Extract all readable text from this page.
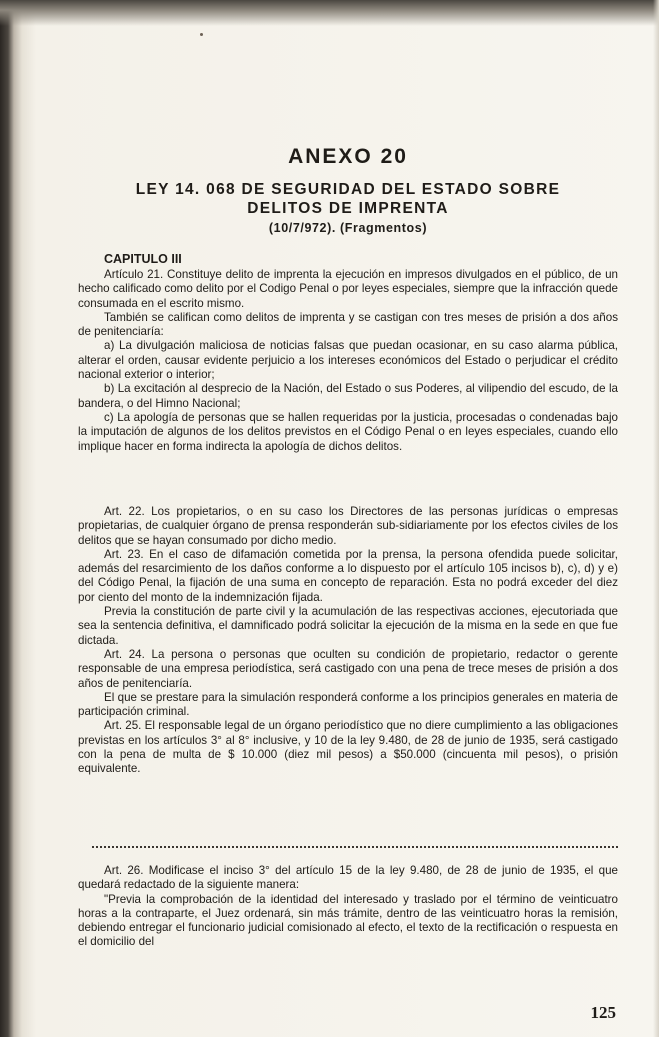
ANEXO 20
LEY 14. 068 DE SEGURIDAD DEL ESTADO SOBRE
DELITOS DE IMPRENTA
(10/7/972). (Fragmentos)
CAPITULO III

Artículo 21. Constituye delito de imprenta la ejecución en impresos divulgados en el público, de un hecho calificado como delito por el Codigo Penal o por leyes especiales, siempre que la infracción quede consumada en el escrito mismo.

También se califican como delitos de imprenta y se castigan con tres meses de prisión a dos años de penitenciaría:

a) La divulgación maliciosa de noticias falsas que puedan ocasionar, en su caso alarma pública, alterar el orden, causar evidente perjuicio a los intereses económicos del Estado o perjudicar el crédito nacional exterior o interior;

b) La excitación al desprecio de la Nación, del Estado o sus Poderes, al vilipendio del escudo, de la bandera, o del Himno Nacional;

c) La apología de personas que se hallen requeridas por la justicia, procesadas o condenadas bajo la imputación de algunos de los delitos previstos en el Código Penal o en leyes especiales, cuando ello implique hacer en forma indirecta la apología de dichos delitos.

Art. 22. Los propietarios, o en su caso los Directores de las personas jurídicas o empresas propietarias, de cualquier órgano de prensa responderán sub-sidiariamente por los efectos civiles de los delitos que se hayan consumado por dicho medio.

Art. 23. En el caso de difamación cometida por la prensa, la persona ofendida puede solicitar, además del resarcimiento de los daños conforme a lo dispuesto por el artículo 105 incisos b), c), d) y e) del Código Penal, la fijación de una suma en concepto de reparación. Esta no podrá exceder del diez por ciento del monto de la indemnización fijada.

Previa la constitución de parte civil y la acumulación de las respectivas acciones, ejecutoriada que sea la sentencia definitiva, el damnificado podrá solicitar la ejecución de la misma en la sede en que fue dictada.

Art. 24. La persona o personas que oculten su condición de propietario, redactor o gerente responsable de una empresa periodística, será castigado con una pena de trece meses de prisión a dos años de penitenciaría.

El que se prestare para la simulación responderá conforme a los principios generales en materia de participación criminal.

Art. 25. El responsable legal de un órgano periodístico que no diere cumplimiento a las obligaciones previstas en los artículos 3° al 8° inclusive, y 10 de la ley 9.480, de 28 de junio de 1935, será castigado con la pena de multa de $ 10.000 (diez mil pesos) a $50.000 (cincuenta mil pesos), o prisión equivalente.

Art. 26. Modificase el inciso 3° del artículo 15 de la ley 9.480, de 28 de junio de 1935, el que quedará redactado de la siguiente manera:

"Previa la comprobación de la identidad del interesado y traslado por el término de veinticuatro horas a la contraparte, el Juez ordenará, sin más trámite, dentro de las veinticuatro horas la remisión, debiendo entregar el funcionario judicial comisionado al efecto, el texto de la rectificación o respuesta en el domicilio del

125
